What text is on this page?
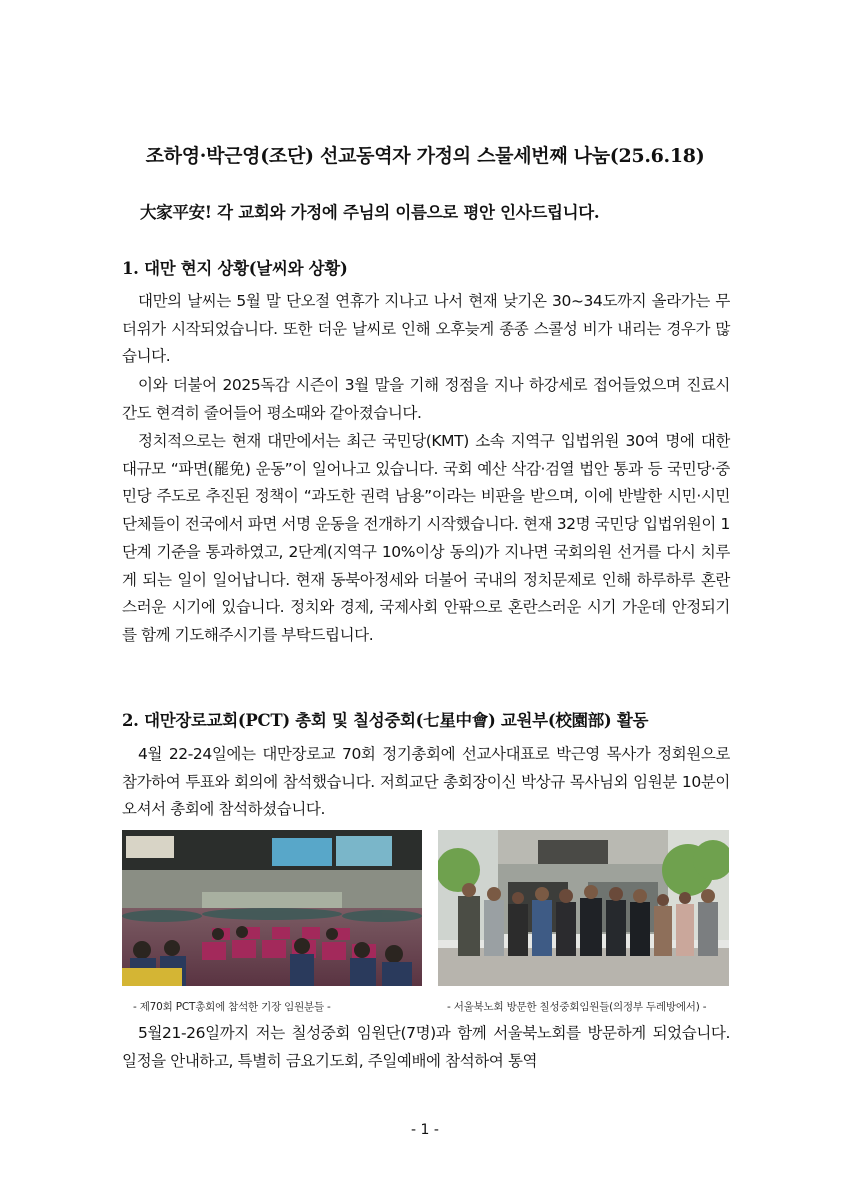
조하영·박근영(조단) 선교동역자 가정의 스물세번째 나눔(25.6.18)

大家平安! 각 교회와 가정에 주님의 이름으로 평안 인사드립니다.

1. 대만 현지 상황(날씨와 상황)

대만의 날씨는 5월 말 단오절 연휴가 지나고 나서 현재 낮기온 30~34도까지 올라가는 무더위가 시작되었습니다. 또한 더운 날씨로 인해 오후늦게 종종 스콜성 비가 내리는 경우가 많습니다.

이와 더불어 2025독감 시즌이 3월 말을 기해 정점을 지나 하강세로 접어들었으며 진료시간도 현격히 줄어들어 평소때와 같아졌습니다.

정치적으로는 현재 대만에서는 최근 국민당(KMT) 소속 지역구 입법위원 30여 명에 대한 대규모 “파면(罷免) 운동”이 일어나고 있습니다. 국회 예산 삭감·검열 법안 통과 등 국민당·중민당 주도로 추진된 정책이 “과도한 권력 남용”이라는 비판을 받으며, 이에 반발한 시민·시민단체들이 전국에서 파면 서명 운동을 전개하기 시작했습니다. 현재 32명 국민당 입법위원이 1단계 기준을 통과하였고, 2단계(지역구 10%이상 동의)가 지나면 국회의원 선거를 다시 치루게 되는 일이 일어납니다. 현재 동북아정세와 더불어 국내의 정치문제로 인해 하루하루 혼란스러운 시기에 있습니다. 정치와 경제, 국제사회 안팎으로 혼란스러운 시기 가운데 안정되기를 함께 기도해주시기를 부탁드립니다.

2. 대만장로교회(PCT) 총회 및 칠성중회(七星中會) 교원부(校園部) 활동

4월 22-24일에는 대만장로교 70회 정기총회에 선교사대표로 박근영 목사가 정회원으로 참가하여 투표와 회의에 참석했습니다. 저희교단 총회장이신 박상규 목사님외 임원분 10분이 오셔서 총회에 참석하셨습니다.

- 제70회 PCT총회에 참석한 기장 임원분들 -	- 서울북노회 방문한 칠성중회임원들(의정부 두레방에서) -

5월21-26일까지 저는 칠성중회 임원단(7명)과 함께 서울북노회를 방문하게 되었습니다. 일정을 안내하고, 특별히 금요기도회, 주일예배에 참석하여 통역

- 1 -
